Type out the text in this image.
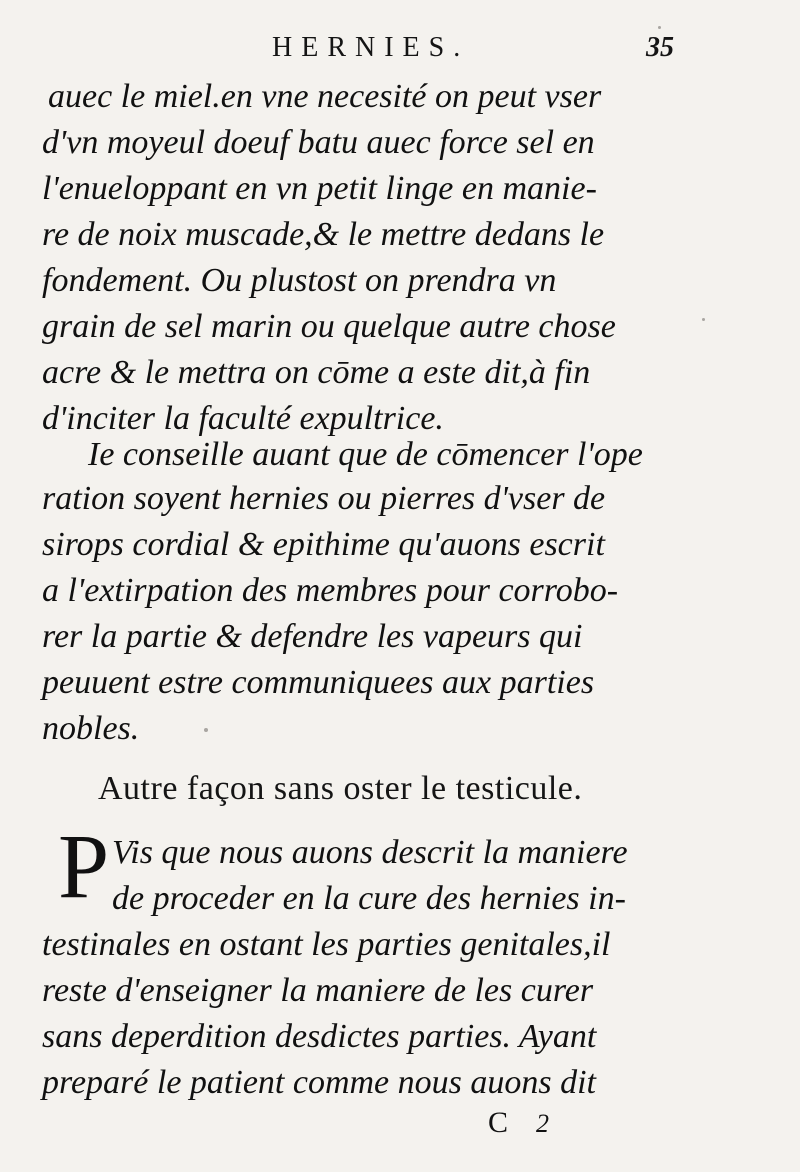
HERNIES.	35
auec le miel.en vne necesité on peut vser
d'vn moyeul doeuf batu auec force sel en
l'enueloppant en vn petit linge en manie-
re de noix muscade,& le mettre dedans le
fondement. Ou plustost on prendra vn
grain de sel marin ou quelque autre chose
acre & le mettra on cōme a este dit,à fin
d'inciter la faculté expultrice.
Ie conseille auant que de cōmencer l'ope
ration soyent hernies ou pierres d'vser de
sirops cordial & epithime qu'auons escrit
a l'extirpation des membres pour corrobo-
rer la partie & defendre les vapeurs qui
peuuent estre communiquees aux parties
nobles.
Autre façon sans oster le testicule.
P Vis que nous auons descrit la maniere
de proceder en la cure des hernies in-
testinales en ostant les parties genitales,il
reste d'enseigner la maniere de les curer
sans deperdition desdictes parties. Ayant
preparé le patient comme nous auons dit
C 2
